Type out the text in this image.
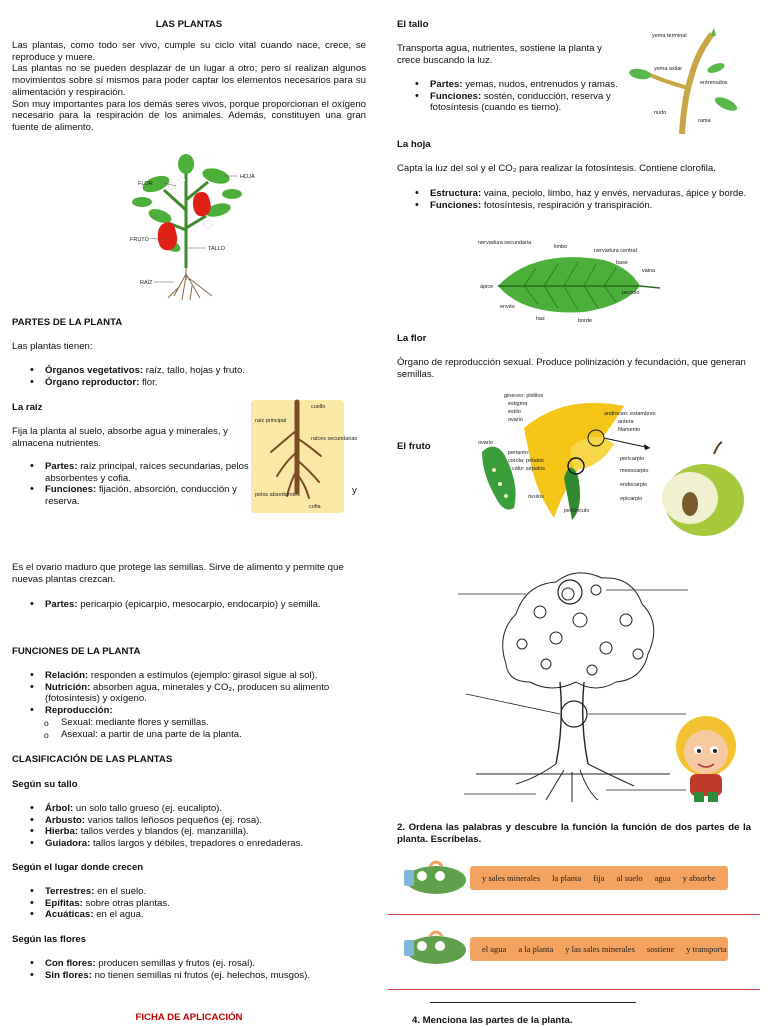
LAS PLANTAS

Las plantas, como todo ser vivo, cumple su ciclo vital cuando nace, crece, se reproduce y muere.

Las plantas no se pueden desplazar de un lugar a otro; pero sí realizan algunos movimientos sobre sí mismos para poder captar los elementos necesarios para su alimentación y respiración.

Son muy importantes para los demás seres vivos, porque proporcionan el oxígeno necesario para la respiración de los animales. Además, constituyen una gran fuente de alimento.

FLOR
HOJA
FRUTO
TALLO
RAÍZ

PARTES DE LA PLANTA

Las plantas tienen:

• Órganos vegetativos: raíz, tallo, hojas y fruto.
• Órgano reproductor: flor.

La raíz

Fija la planta al suelo, absorbe agua y minerales, y almacena nutrientes.

• Partes: raíz principal, raíces secundarias, pelos absorbentes y cofia.
• Funciones: fijación, absorción, conducción y reserva.

y

cuello
raíz principal
raíces secundarias
pelos absorbentes
cofia

Es el ovario maduro que protege las semillas. Sirve de alimento y permite que nuevas plantas crezcan.

• Partes: pericarpio (epicarpio, mesocarpio, endocarpio) y semilla.

FUNCIONES DE LA PLANTA

• Relación: responden a estímulos (ejemplo: girasol sigue al sol).
• Nutrición: absorben agua, minerales y CO₂, producen su alimento (fotosíntesis) y oxígeno.
• Reproducción:
o Sexual: mediante flores y semillas.
o Asexual: a partir de una parte de la planta.

CLASIFICACIÓN DE LAS PLANTAS

Según su tallo

• Árbol: un solo tallo grueso (ej. eucalipto).
• Arbusto: varios tallos leñosos pequeños (ej. rosa).
• Hierba: tallos verdes y blandos (ej. manzanilla).
• Guiadora: tallos largos y débiles, trepadores o enredaderas.

Según el lugar donde crecen

• Terrestres: en el suelo.
• Epífitas: sobre otras plantas.
• Acuáticas: en el agua.

Según las flores

• Con flores: producen semillas y frutos (ej. rosal).
• Sin flores: no tienen semillas ni frutos (ej. helechos, musgos).

FICHA DE APLICACIÓN

El tallo

Transporta agua, nutrientes, sostiene la planta y crece buscando la luz.

• Partes: yemas, nudos, entrenudos y ramas.
• Funciones: sostén, conducción, reserva y fotosíntesis (cuando es tierno).
yema terminal
yema axilar
entrenudos
nudo
rama

La hoja

Capta la luz del sol y el CO₂ para realizar la fotosíntesis. Contiene clorofila.

• Estructura: vaina, peciolo, limbo, haz y envés, nervaduras, ápice y borde.
• Funciones: fotosíntesis, respiración y transpiración.
nervadura secundaria
limbo
nervadura central
base
vaina
ápice
peciolo
envés
haz	borde

La flor

Órgano de reproducción sexual. Produce polinización y fecundación, que generan semillas.

El fruto

gineceo: pistilos
estigma
estilo
ovario
androceo: estambres
antera
filamento
ovario
perianto:
corola: pétalos
cáliz: sépalos
óvulos
pedúnculo
pericarpio
mesocarpio
endocarpio
epicarpio

2. Ordena las palabras y descubre la función la función de dos partes de la planta. Escríbelas.

y sales minerales la planta fija al suelo agua y absorbe
el agua a la planta y las sales minerales sostiene y transporta

4. Menciona las partes de la planta.
